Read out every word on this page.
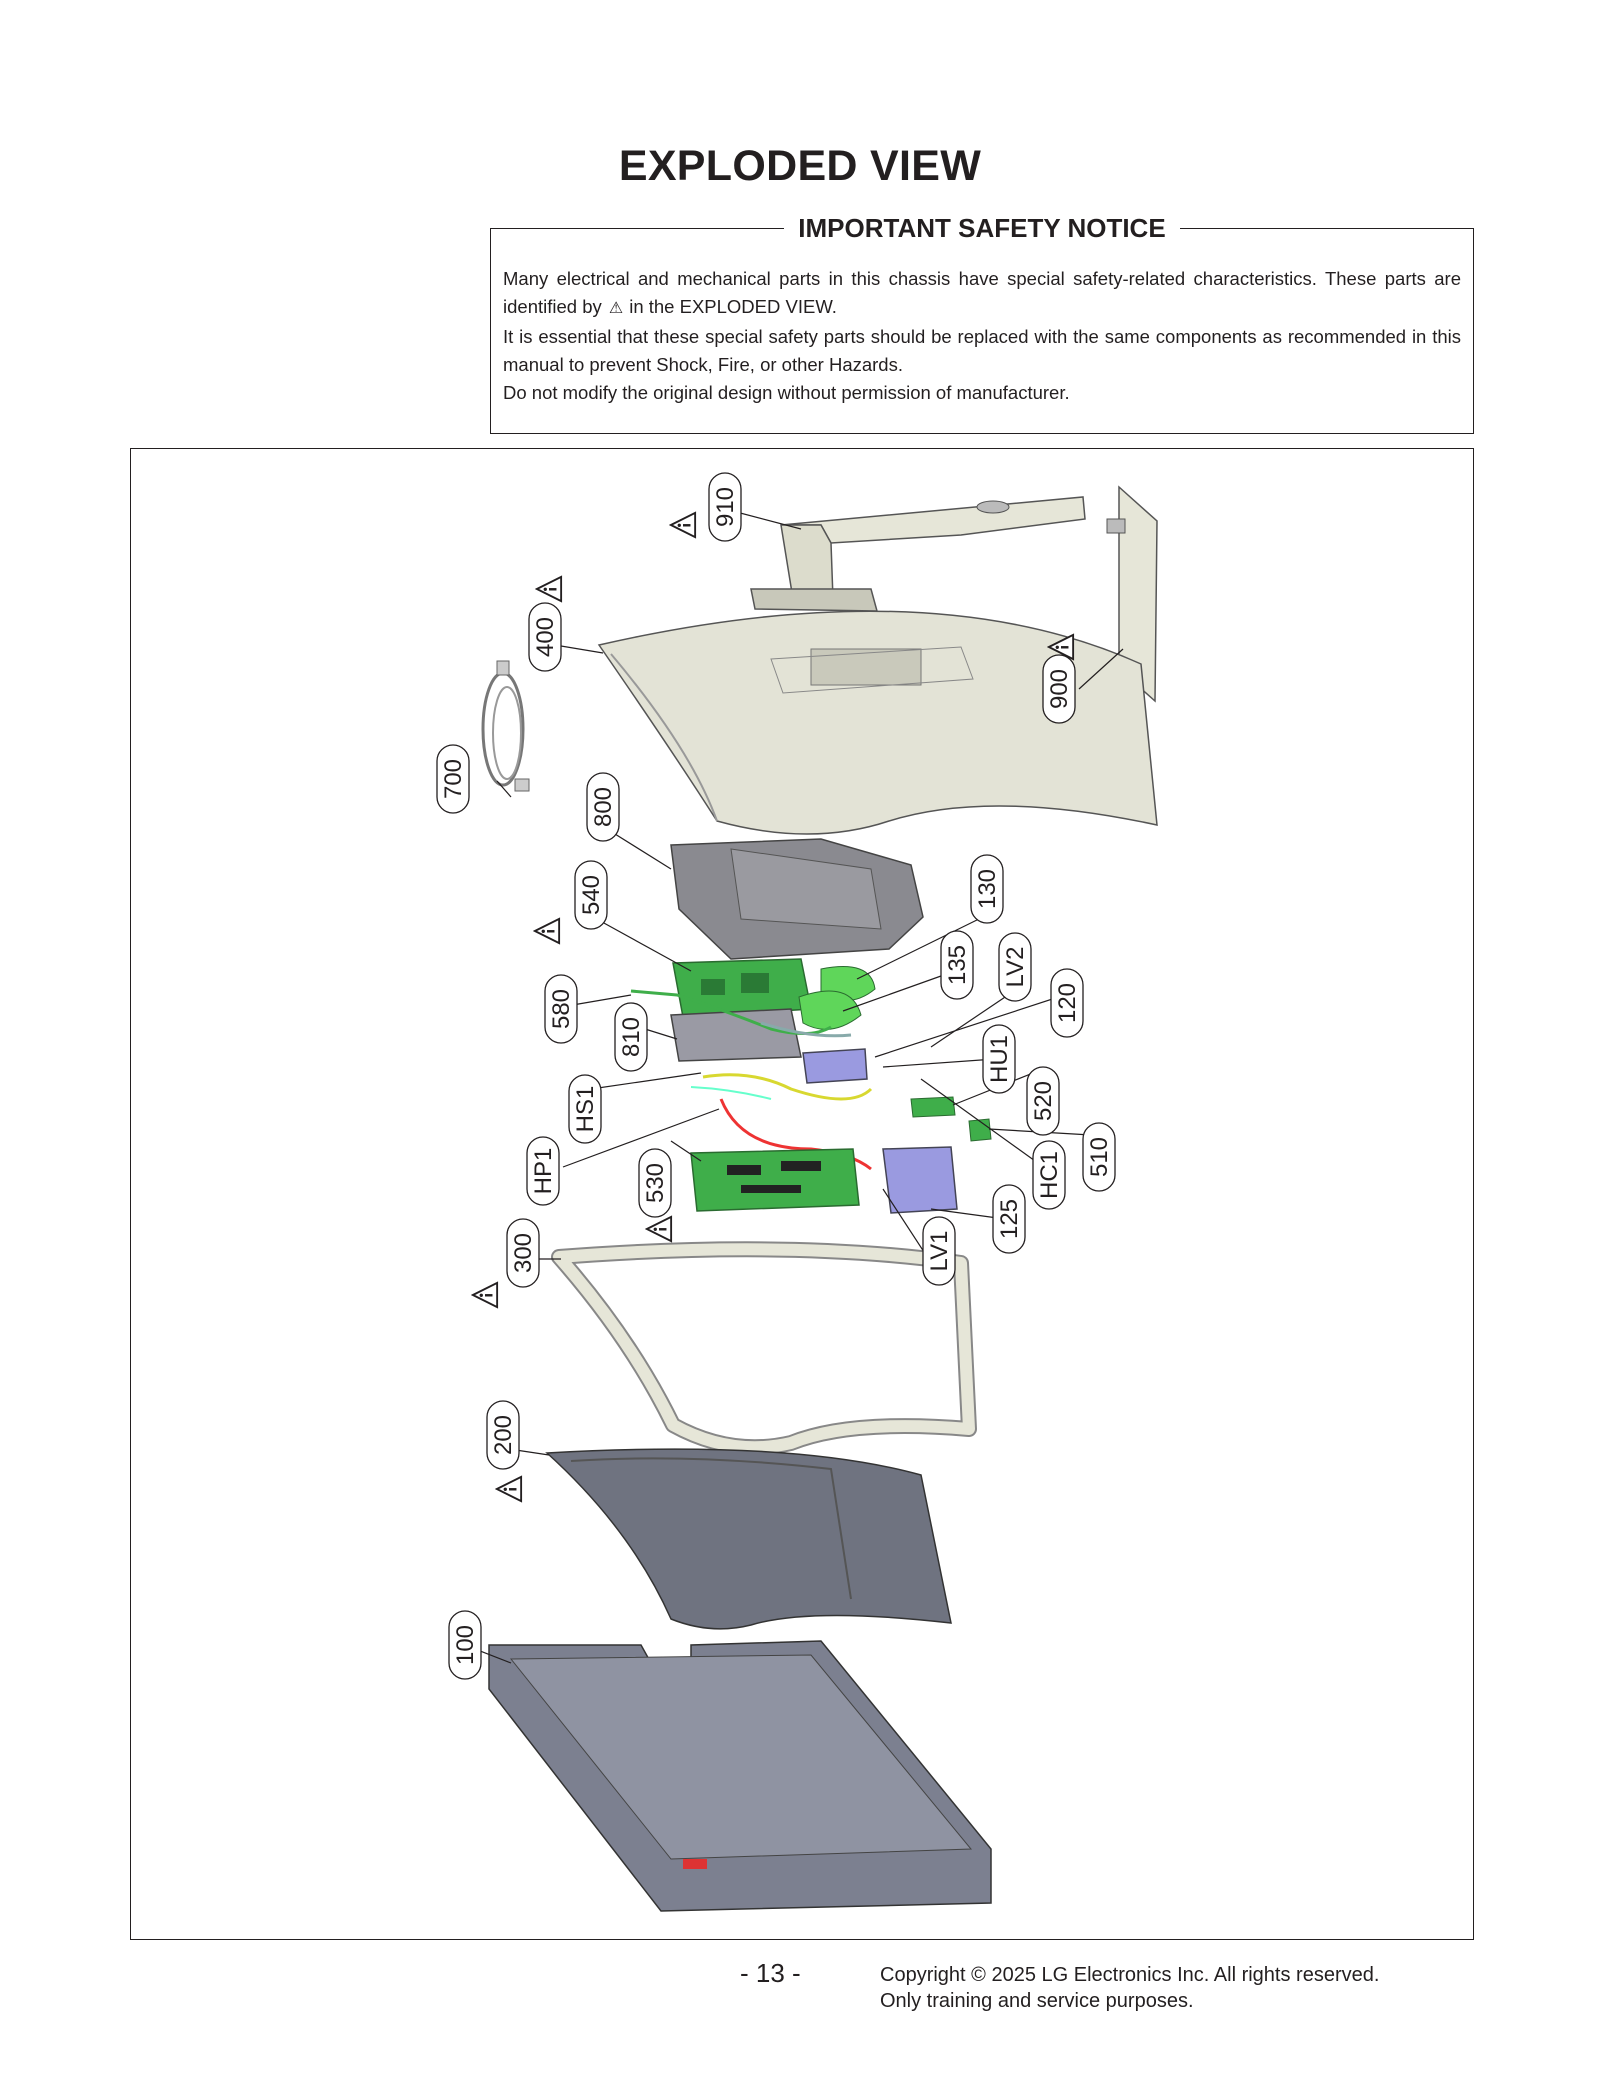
EXPLODED VIEW
IMPORTANT SAFETY NOTICE

Many electrical and mechanical parts in this chassis have special safety-related characteristics. These parts are identified by ⚠ in the EXPLODED VIEW.

It is essential that these special safety parts should be replaced with the same components as recommended in this manual to prevent Shock, Fire, or other Hazards.

Do not modify the original design without permission of manufacturer.

910
900
400
700
800
540	130
135 LV2
120
580
810	HU1
HS1	520
510
HP1	530	HC1
125
LV1
300
200
100
- 13 -	Copyright © 2025 LG Electronics Inc. All rights reserved.
Only training and service purposes.
